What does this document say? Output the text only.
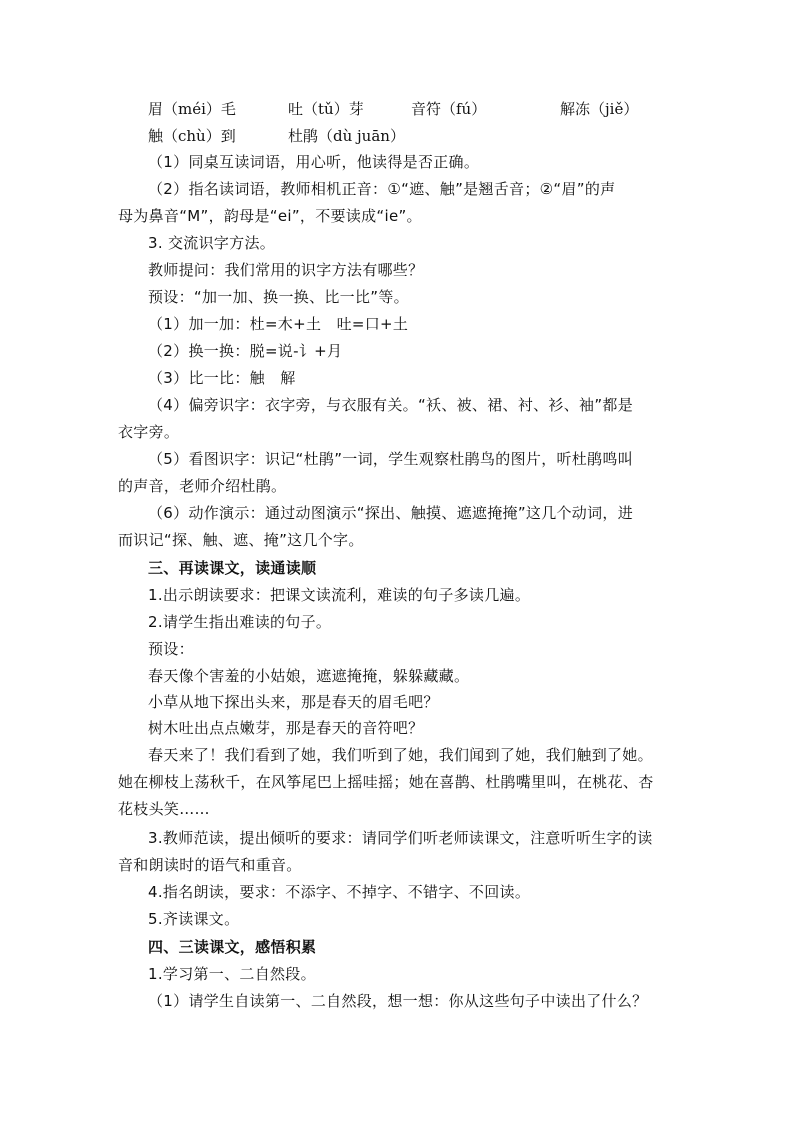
眉（méi）毛	吐（tǔ）芽	音符（fú）	解冻（jiě）
触（chù）到	杜鹃（dù juān）
（1）同桌互读词语，用心听，他读得是否正确。
（2）指名读词语，教师相机正音：①“遮、触”是翘舌音；②“眉”的声
母为鼻音“M”，韵母是“ei”，不要读成“ie”。
3. 交流识字方法。
教师提问：我们常用的识字方法有哪些？
预设：“加一加、换一换、比一比”等。
（1）加一加：杜=木+土　吐=口+土
（2）换一换：脱=说-讠+月
（3）比一比：触　解
（4）偏旁识字：衣字旁，与衣服有关。“袄、被、裙、衬、衫、袖”都是
衣字旁。
（5）看图识字：识记“杜鹃”一词，学生观察杜鹃鸟的图片，听杜鹃鸣叫
的声音，老师介绍杜鹃。
（6）动作演示：通过动图演示“探出、触摸、遮遮掩掩”这几个动词，进
而识记“探、触、遮、掩”这几个字。
三、再读课文，读通读顺
1.出示朗读要求：把课文读流利，难读的句子多读几遍。
2.请学生指出难读的句子。
预设：
春天像个害羞的小姑娘，遮遮掩掩，躲躲藏藏。
小草从地下探出头来，那是春天的眉毛吧？
树木吐出点点嫩芽，那是春天的音符吧？
春天来了！我们看到了她，我们听到了她，我们闻到了她，我们触到了她。
她在柳枝上荡秋千，在风筝尾巴上摇哇摇；她在喜鹊、杜鹃嘴里叫，在桃花、杏
花枝头笑……
3.教师范读，提出倾听的要求：请同学们听老师读课文，注意听听生字的读
音和朗读时的语气和重音。
4.指名朗读，要求：不添字、不掉字、不错字、不回读。
5.齐读课文。
四、三读课文，感悟积累
1.学习第一、二自然段。
（1）请学生自读第一、二自然段，想一想：你从这些句子中读出了什么？
